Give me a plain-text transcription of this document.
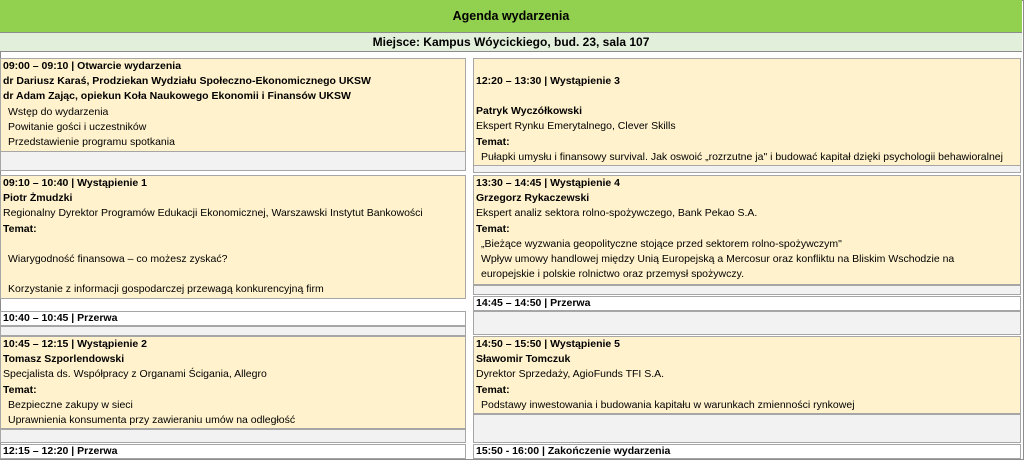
Agenda wydarzenia
Miejsce: Kampus Wóycickiego, bud. 23, sala 107
09:00 – 09:10 | Otwarcie wydarzenia
dr Dariusz Karaś, Prodziekan Wydziału Społeczno-Ekonomicznego UKSW
dr Adam Zając, opiekun Koła Naukowego Ekonomii i Finansów UKSW
Wstęp do wydarzenia
Powitanie gości i uczestników
Przedstawienie programu spotkania
09:10 – 10:40 | Wystąpienie 1
Piotr Żmudzki
Regionalny Dyrektor Programów Edukacji Ekonomicznej, Warszawski Instytut Bankowości
Temat:
Wiarygodność finansowa – co możesz zyskać?
Korzystanie z informacji gospodarczej przewagą konkurencyjną firm
10:40 – 10:45 | Przerwa
10:45 – 12:15 | Wystąpienie 2
Tomasz Szporlendowski
Specjalista ds. Współpracy z Organami Ścigania, Allegro
Temat:
Bezpieczne zakupy w sieci
Uprawnienia konsumenta przy zawieraniu umów na odległość
12:15 – 12:20 | Przerwa
12:20 – 13:30 | Wystąpienie 3
Patryk Wyczółkowski
Ekspert Rynku Emerytalnego, Clever Skills
Temat:
Pułapki umysłu i finansowy survival. Jak oswoić „rozrzutne ja" i budować kapitał dzięki psychologii behawioralnej
13:30 – 14:45 | Wystąpienie 4
Grzegorz Rykaczewski
Ekspert analiz sektora rolno-spożywczego, Bank Pekao S.A.
Temat:
„Bieżące wyzwania geopolityczne stojące przed sektorem rolno-spożywczym"
Wpływ umowy handlowej między Unią Europejską a Mercosur oraz konfliktu na Bliskim Wschodzie na
europejskie i polskie rolnictwo oraz przemysł spożywczy.
14:45 – 14:50 | Przerwa
14:50 – 15:50 | Wystąpienie 5
Sławomir Tomczuk
Dyrektor Sprzedaży, AgioFunds TFI S.A.
Temat:
Podstawy inwestowania i budowania kapitału w warunkach zmienności rynkowej
15:50 - 16:00 | Zakończenie wydarzenia
